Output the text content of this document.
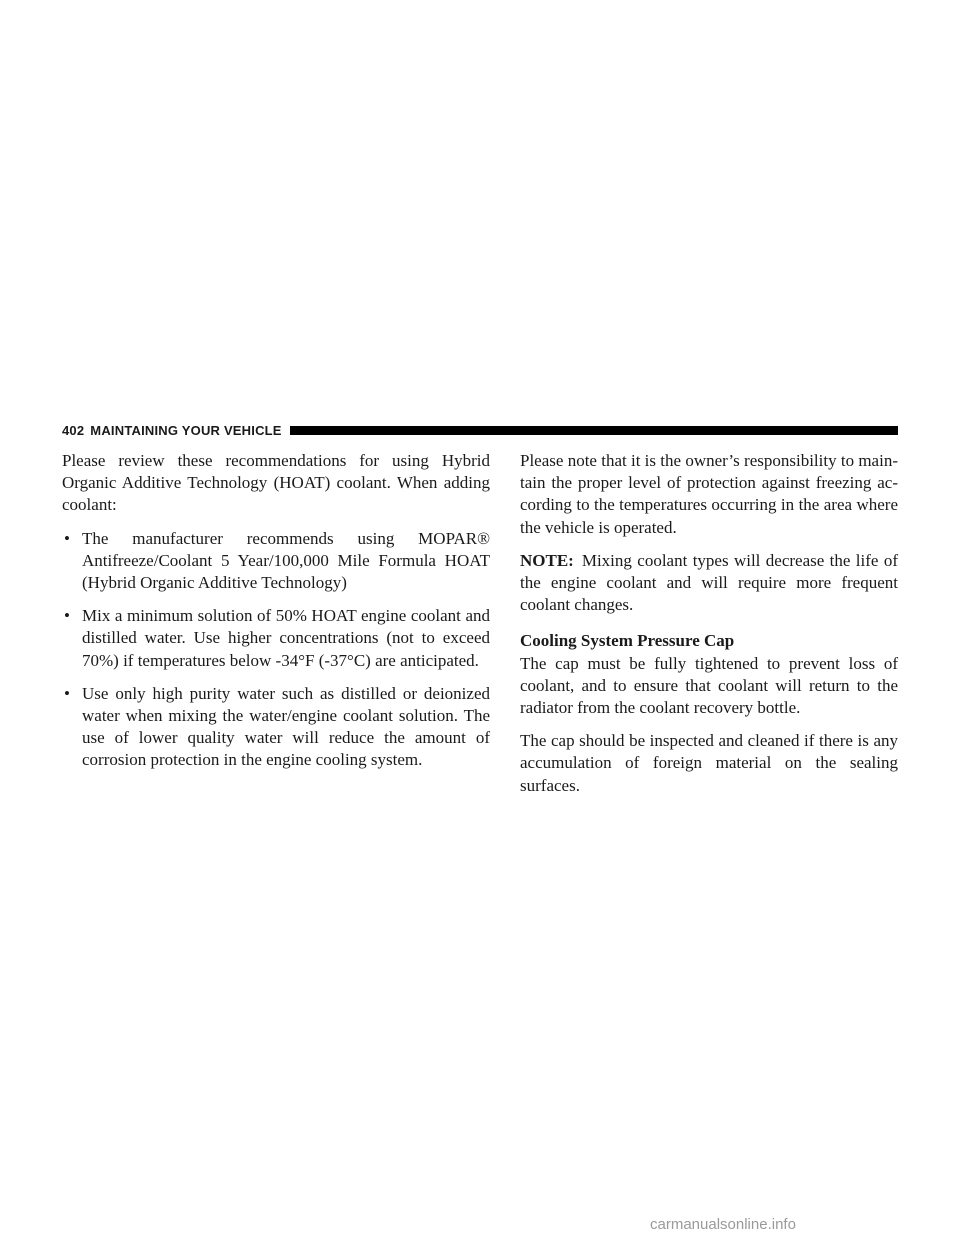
402 MAINTAINING YOUR VEHICLE

Please review these recommendations for using Hybrid Organic Additive Technology (HOAT) coolant. When adding coolant:

• The manufacturer recommends using MOPAR® Antifreeze/Coolant 5 Year/100,000 Mile Formula HOAT (Hybrid Organic Additive Technology)
• Mix a minimum solution of 50% HOAT engine coolant and distilled water. Use higher concentrations (not to exceed 70%) if temperatures below -34°F (-37°C) are anticipated.
• Use only high purity water such as distilled or deionized water when mixing the water/engine coolant solution. The use of lower quality water will reduce the amount of corrosion protection in the engine cooling system.

Please note that it is the owner’s responsibility to maintain the proper level of protection against freezing according to the temperatures occurring in the area where the vehicle is operated.

NOTE: Mixing coolant types will decrease the life of the engine coolant and will require more frequent coolant changes.

Cooling System Pressure Cap

The cap must be fully tightened to prevent loss of coolant, and to ensure that coolant will return to the radiator from the coolant recovery bottle.

The cap should be inspected and cleaned if there is any accumulation of foreign material on the sealing surfaces.

carmanualsonline.info
